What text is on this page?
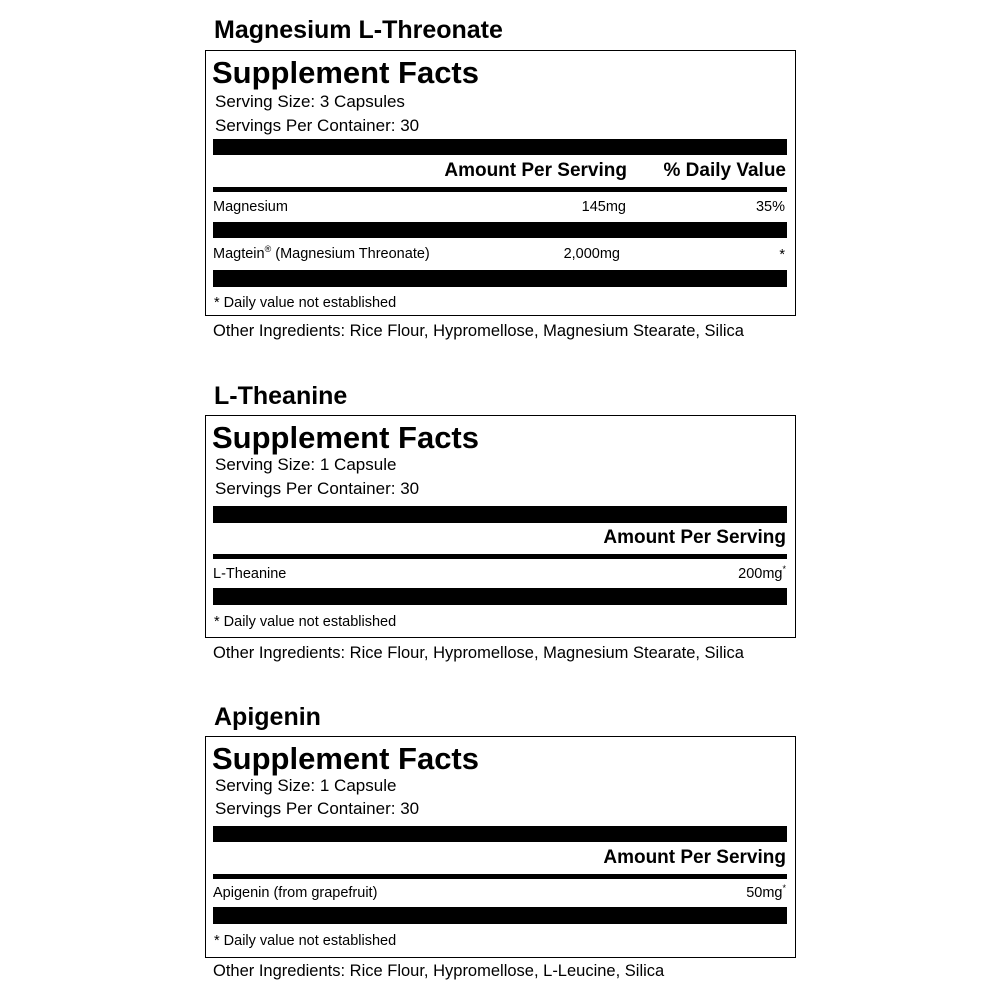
Magnesium L-Threonate
Supplement Facts
Serving Size: 3 Capsules
Servings Per Container: 30
Amount Per Serving % Daily Value
Magnesium	145mg	35%
Magtein® (Magnesium Threonate)	2,000mg	*
* Daily value not established
Other Ingredients: Rice Flour, Hypromellose, Magnesium Stearate, Silica
L-Theanine
Supplement Facts
Serving Size: 1 Capsule
Servings Per Container: 30
Amount Per Serving
L-Theanine	200mg*
* Daily value not established
Other Ingredients: Rice Flour, Hypromellose, Magnesium Stearate, Silica
Apigenin
Supplement Facts
Serving Size: 1 Capsule
Servings Per Container: 30
Amount Per Serving
Apigenin (from grapefruit)	50mg*
* Daily value not established
Other Ingredients: Rice Flour, Hypromellose, L-Leucine, Silica
